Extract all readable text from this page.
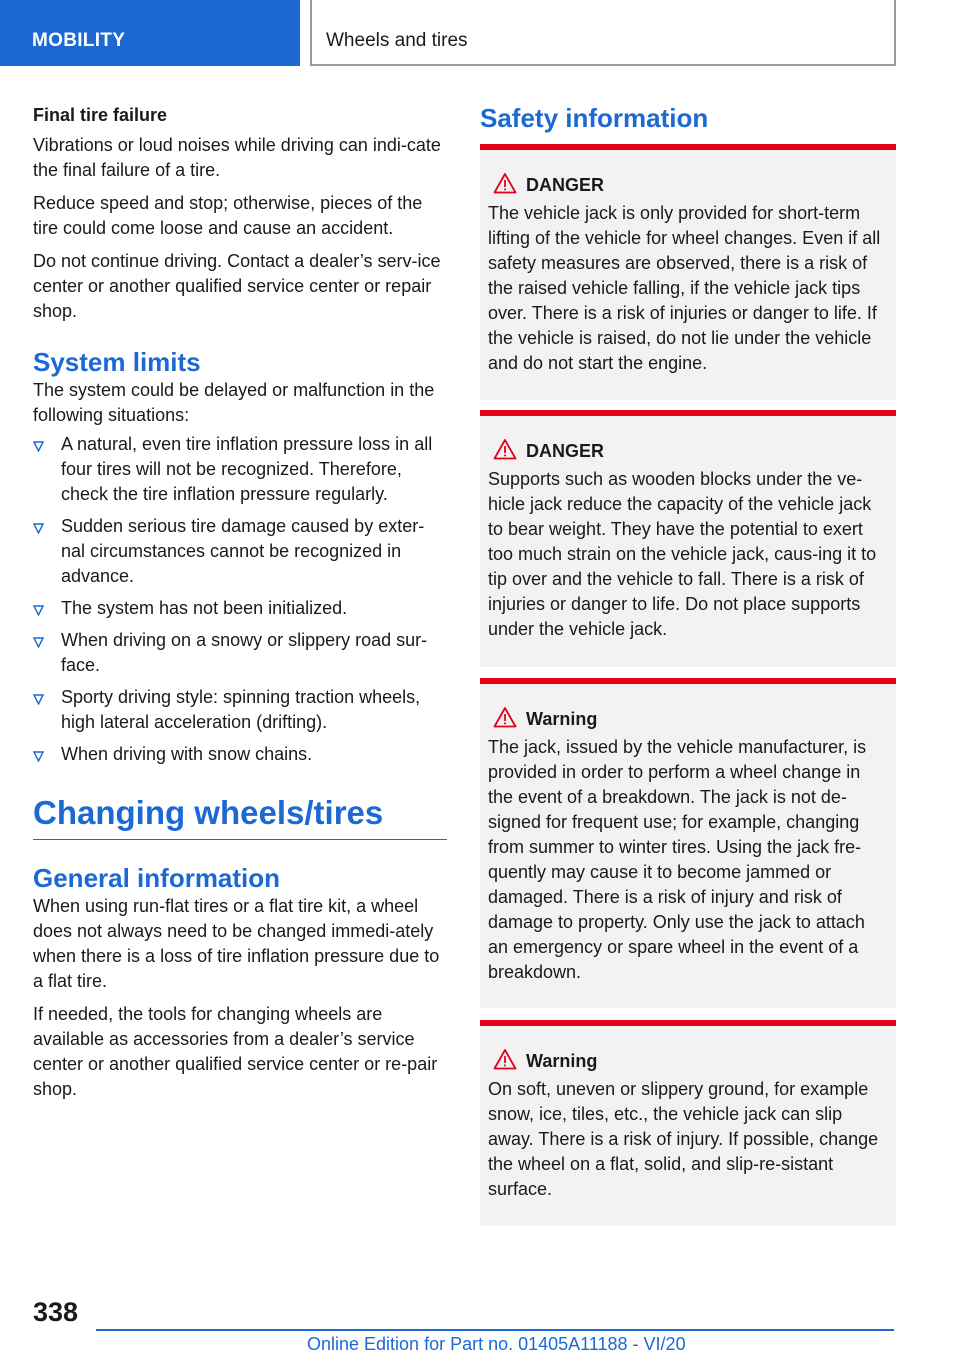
MOBILITY	Wheels and tires
Final tire failure

Vibrations or loud noises while driving can indi-cate the final failure of a tire.

Reduce speed and stop; otherwise, pieces of the tire could come loose and cause an accident.

Do not continue driving. Contact a dealer’s serv-ice center or another qualified service center or repair shop.

System limits

The system could be delayed or malfunction in the following situations:

A natural, even tire inflation pressure loss in all four tires will not be recognized. Therefore, check the tire inflation pressure regularly.
Sudden serious tire damage caused by exter-nal circumstances cannot be recognized in advance.
The system has not been initialized.
When driving on a snowy or slippery road sur-face.
Sporty driving style: spinning traction wheels, high lateral acceleration (drifting).
When driving with snow chains.
Changing wheels/tires
General information

When using run-flat tires or a flat tire kit, a wheel does not always need to be changed immedi-ately when there is a loss of tire inflation pressure due to a flat tire.

If needed, the tools for changing wheels are available as accessories from a dealer’s service center or another qualified service center or re-pair shop.

Safety information
DANGER
The vehicle jack is only provided for short-term lifting of the vehicle for wheel changes. Even if all safety measures are observed, there is a risk of the raised vehicle falling, if the vehicle jack tips over. There is a risk of injuries or danger to life. If the vehicle is raised, do not lie under the vehicle and do not start the engine.
DANGER
Supports such as wooden blocks under the ve-hicle jack reduce the capacity of the vehicle jack to bear weight. They have the potential to exert too much strain on the vehicle jack, caus-ing it to tip over and the vehicle to fall. There is a risk of injuries or danger to life. Do not place supports under the vehicle jack.
Warning
The jack, issued by the vehicle manufacturer, is provided in order to perform a wheel change in the event of a breakdown. The jack is not de-signed for frequent use; for example, changing from summer to winter tires. Using the jack fre-quently may cause it to become jammed or damaged. There is a risk of injury and risk of damage to property. Only use the jack to attach an emergency or spare wheel in the event of a breakdown.
Warning
On soft, uneven or slippery ground, for example snow, ice, tiles, etc., the vehicle jack can slip away. There is a risk of injury. If possible, change the wheel on a flat, solid, and slip-re-sistant surface.
338
Online Edition for Part no. 01405A11188 - VI/20
